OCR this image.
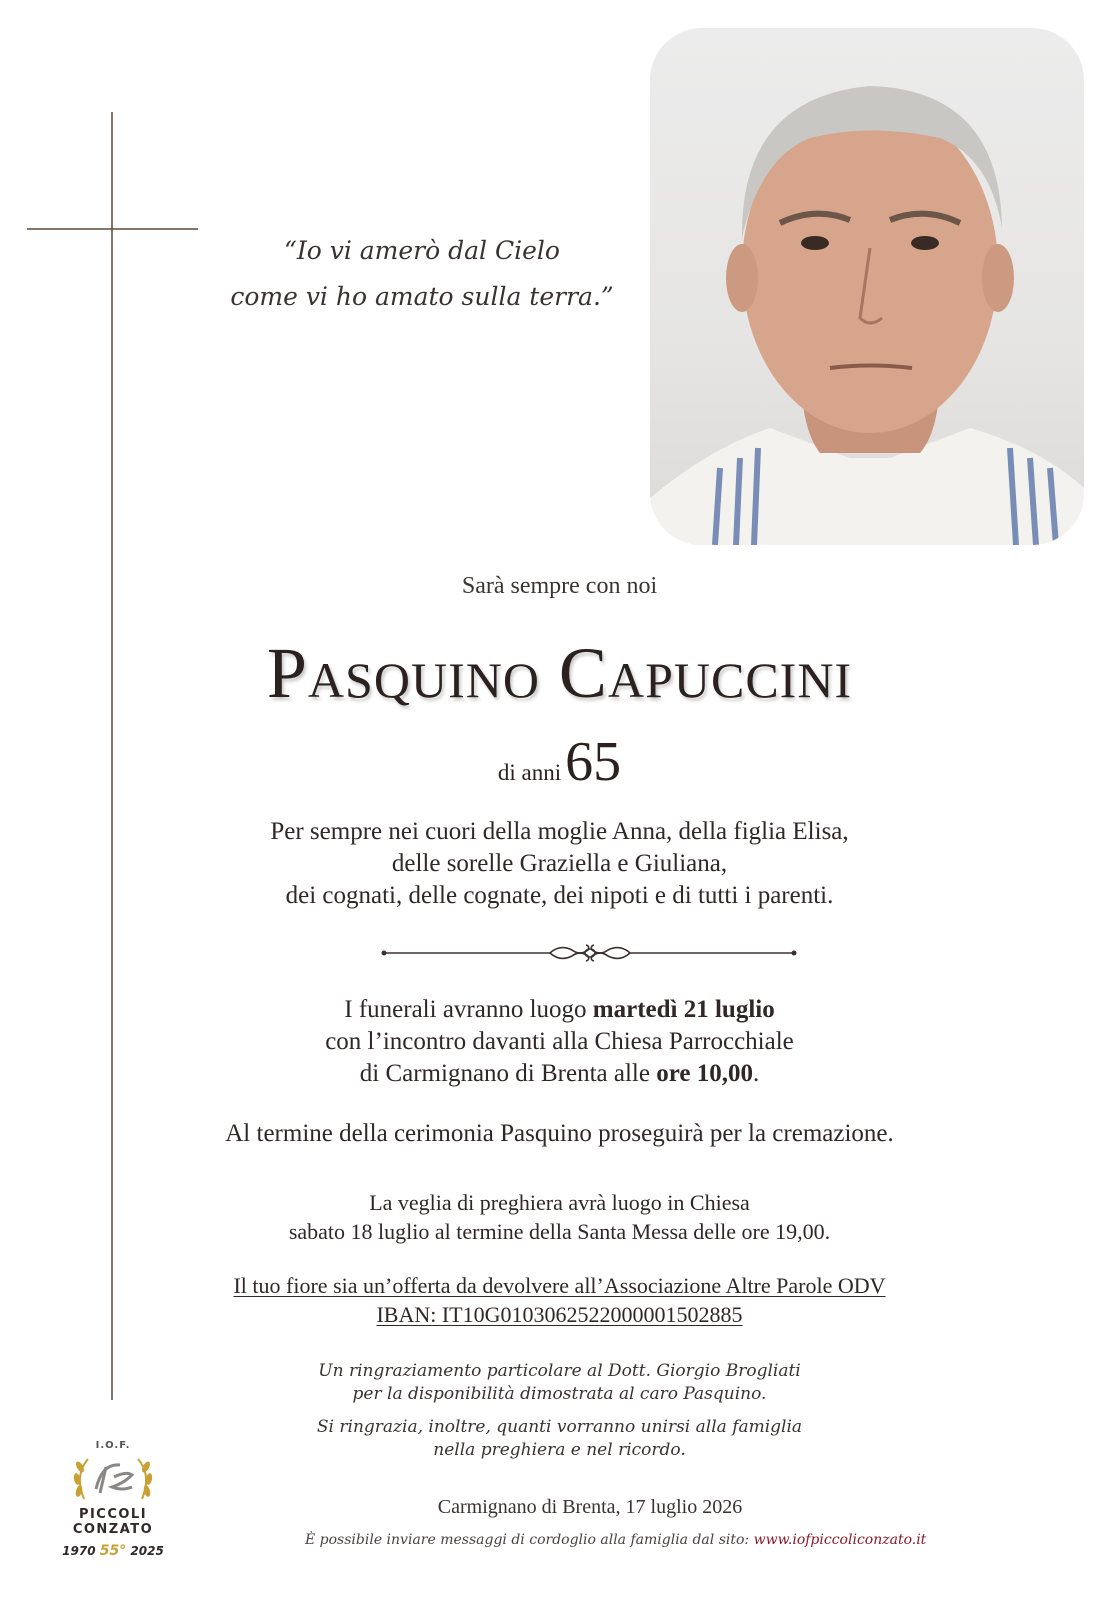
“Io vi amerò dal Cielo
come vi ho amato sulla terra.”
Sarà sempre con noi
Pasquino Capuccini
di anni 65
Per sempre nei cuori della moglie Anna, della figlia Elisa,
delle sorelle Graziella e Giuliana,
dei cognati, delle cognate, dei nipoti e di tutti i parenti.
I funerali avranno luogo martedì 21 luglio
con l’incontro davanti alla Chiesa Parrocchiale
di Carmignano di Brenta alle ore 10,00.
Al termine della cerimonia Pasquino proseguirà per la cremazione.
La veglia di preghiera avrà luogo in Chiesa
sabato 18 luglio al termine della Santa Messa delle ore 19,00.
Il tuo fiore sia un’offerta da devolvere all’Associazione Altre Parole ODV
IBAN: IT10G0103062522000001502885
Un ringraziamento particolare al Dott. Giorgio Brogliati
per la disponibilità dimostrata al caro Pasquino.
Si ringrazia, inoltre, quanti vorranno unirsi alla famiglia
nella preghiera e nel ricordo.
Carmignano di Brenta, 17 luglio 2026
È possibile inviare messaggi di cordoglio alla famiglia dal sito: www.iofpiccoliconzato.it
I.O.F.
PICCOLI CONZATO
1970 55° 2025
